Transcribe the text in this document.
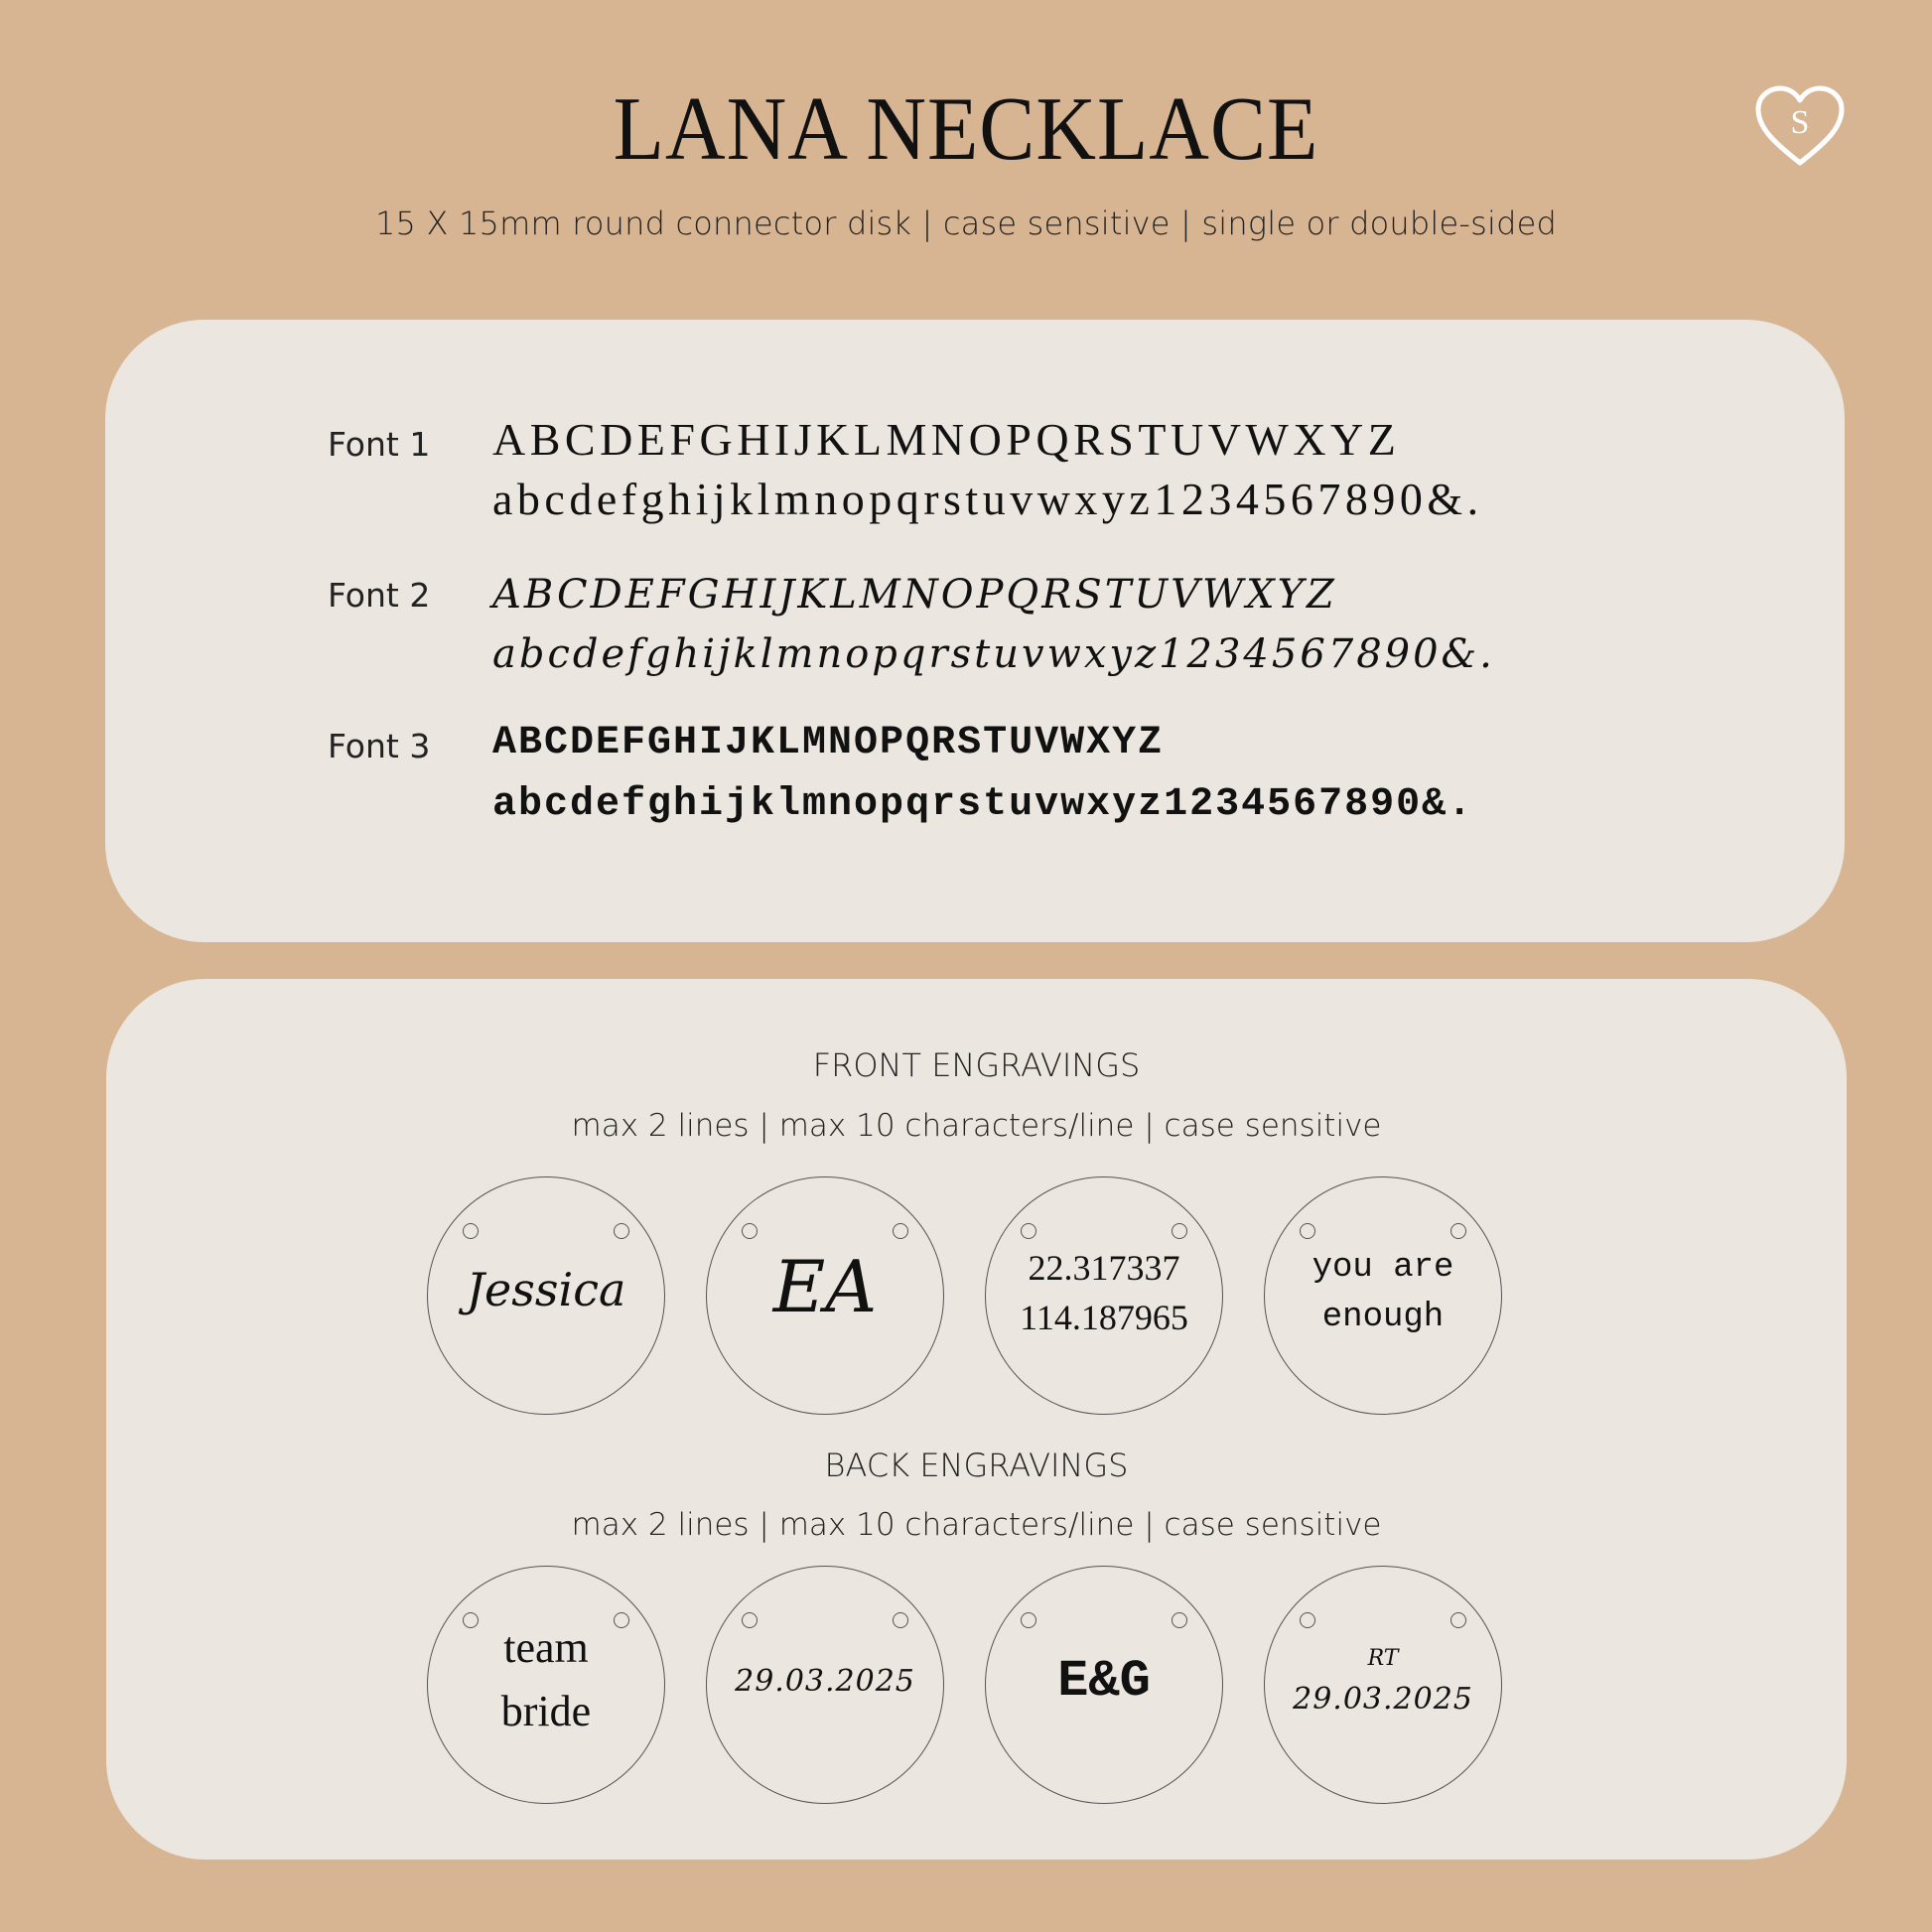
LANA NECKLACE	S
15 X 15mm round connector disk | case sensitive | single or double-sided
Font 1 ABCDEFGHIJKLMNOPQRSTUVWXYZ
abcdefghijklmnopqrstuvwxyz1234567890&.
Font 2 ABCDEFGHIJKLMNOPQRSTUVWXYZ
abcdefghijklmnopqrstuvwxyz1234567890&.
Font 3 ABCDEFGHIJKLMNOPQRSTUVWXYZ
abcdefghijklmnopqrstuvwxyz1234567890&.
FRONT ENGRAVINGS
max 2 lines | max 10 characters/line | case sensitive
Jessica	EA	22.317337
114.187965
you are
enough
BACK ENGRAVINGS
max 2 lines | max 10 characters/line | case sensitive
team
bride
29.03.2025	E&G	RT
29.03.2025
